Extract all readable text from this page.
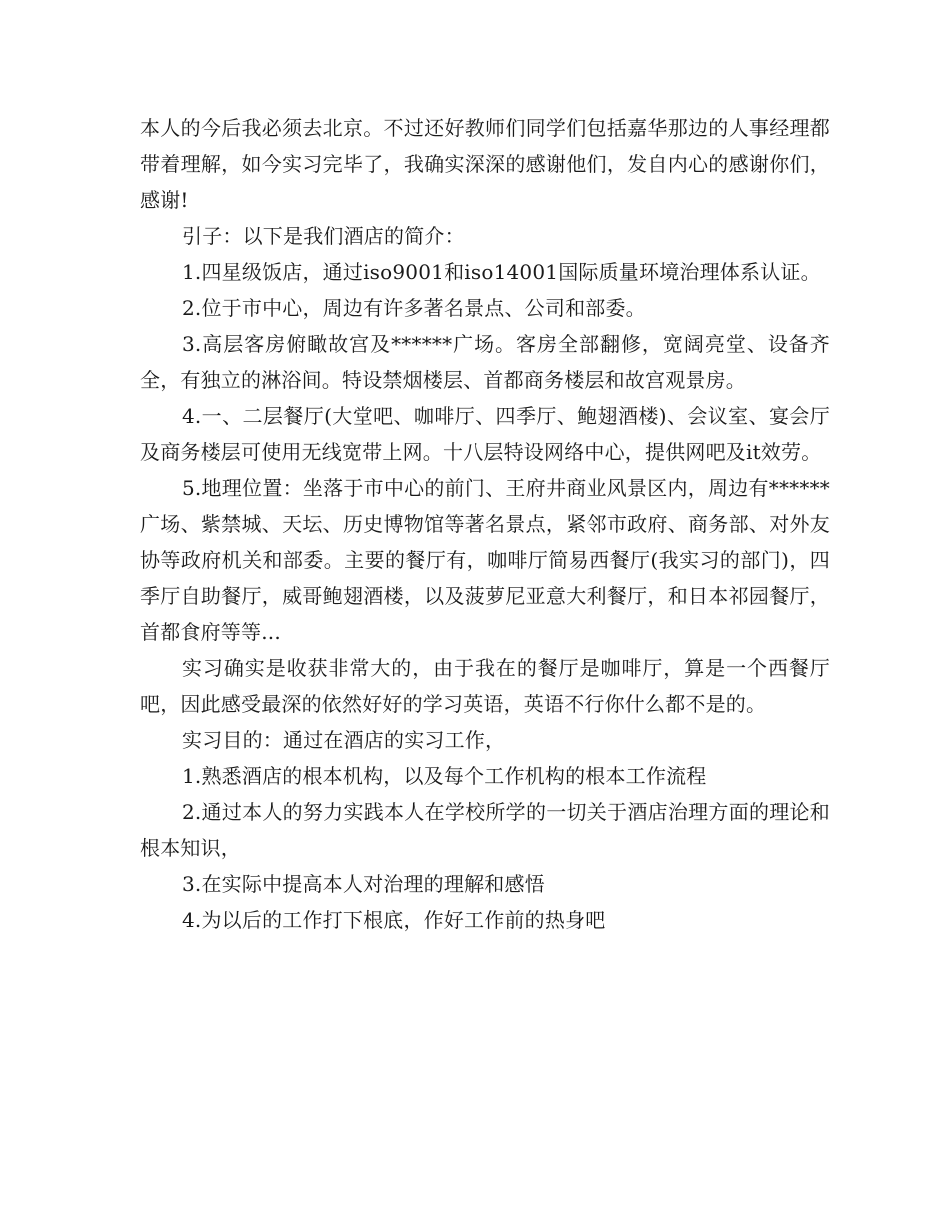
本人的今后我必须去北京。不过还好教师们同学们包括嘉华那边的人事经理都带着理解，如今实习完毕了，我确实深深的感谢他们，发自内心的感谢你们，感谢!

引子：以下是我们酒店的简介：

1.四星级饭店，通过iso9001和iso14001国际质量环境治理体系认证。

2.位于市中心，周边有许多著名景点、公司和部委。

3.高层客房俯瞰故宫及******广场。客房全部翻修，宽阔亮堂、设备齐全，有独立的淋浴间。特设禁烟楼层、首都商务楼层和故宫观景房。

4.一、二层餐厅(大堂吧、咖啡厅、四季厅、鲍翅酒楼)、会议室、宴会厅及商务楼层可使用无线宽带上网。十八层特设网络中心，提供网吧及it效劳。

5.地理位置：坐落于市中心的前门、王府井商业风景区内，周边有******广场、紫禁城、天坛、历史博物馆等著名景点，紧邻市政府、商务部、对外友协等政府机关和部委。主要的餐厅有，咖啡厅简易西餐厅(我实习的部门)，四季厅自助餐厅，威哥鲍翅酒楼，以及菠萝尼亚意大利餐厅，和日本祁园餐厅，首都食府等等...

实习确实是收获非常大的，由于我在的餐厅是咖啡厅，算是一个西餐厅吧，因此感受最深的依然好好的学习英语，英语不行你什么都不是的。

实习目的：通过在酒店的实习工作，

1.熟悉酒店的根本机构，以及每个工作机构的根本工作流程

2.通过本人的努力实践本人在学校所学的一切关于酒店治理方面的理论和根本知识，

3.在实际中提高本人对治理的理解和感悟

4.为以后的工作打下根底，作好工作前的热身吧
